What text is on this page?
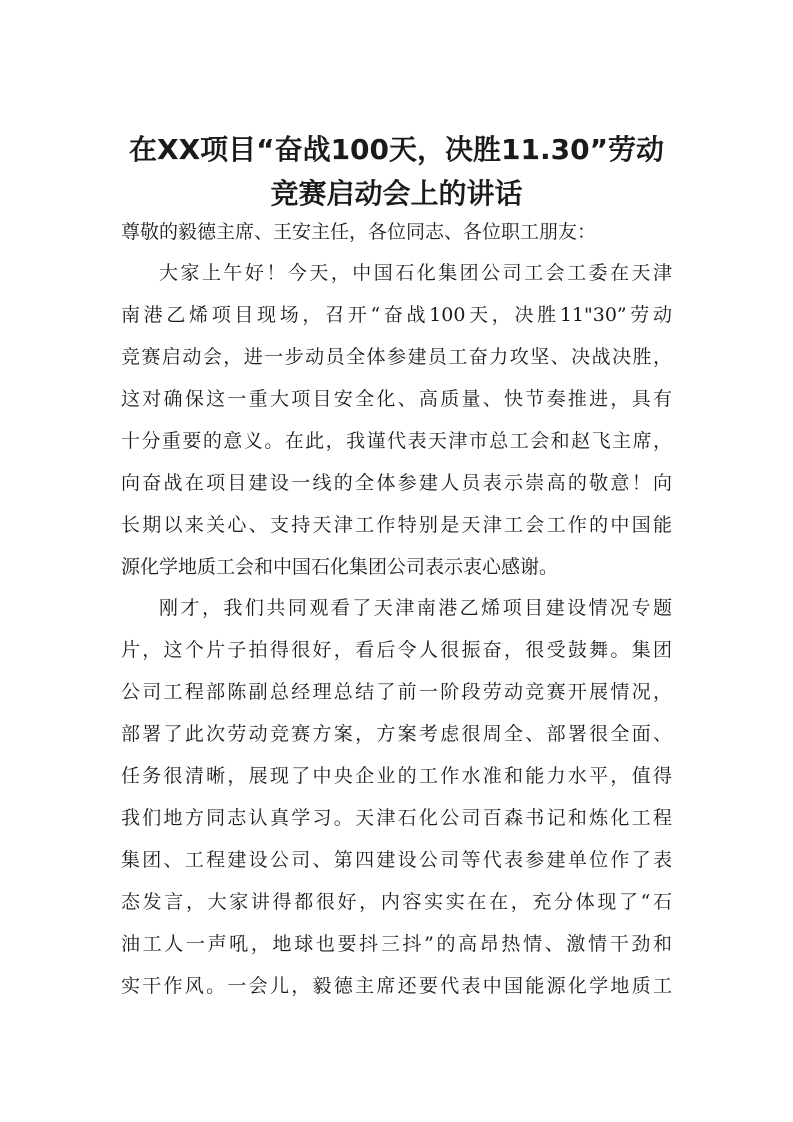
在XX项目“奋战100天，决胜11.30”劳动
竞赛启动会上的讲话

尊敬的毅德主席、王安主任，各位同志、各位职工朋友：

大家上午好！今天，中国石化集团公司工会工委在天津

南港乙烯项目现场，召开“奋战100天，决胜11"30”劳动

竞赛启动会，进一步动员全体参建员工奋力攻坚、决战决胜，

这对确保这一重大项目安全化、高质量、快节奏推进，具有

十分重要的意义。在此，我谨代表天津市总工会和赵飞主席，

向奋战在项目建设一线的全体参建人员表示崇高的敬意！向

长期以来关心、支持天津工作特别是天津工会工作的中国能

源化学地质工会和中国石化集团公司表示衷心感谢。

刚才，我们共同观看了天津南港乙烯项目建设情况专题

片，这个片子拍得很好，看后令人很振奋，很受鼓舞。集团

公司工程部陈副总经理总结了前一阶段劳动竞赛开展情况，

部署了此次劳动竞赛方案，方案考虑很周全、部署很全面、

任务很清晰，展现了中央企业的工作水准和能力水平，值得

我们地方同志认真学习。天津石化公司百森书记和炼化工程

集团、工程建设公司、第四建设公司等代表参建单位作了表

态发言，大家讲得都很好，内容实实在在，充分体现了“石

油工人一声吼，地球也要抖三抖”的高昂热情、激情干劲和

实干作风。一会儿，毅德主席还要代表中国能源化学地质工
